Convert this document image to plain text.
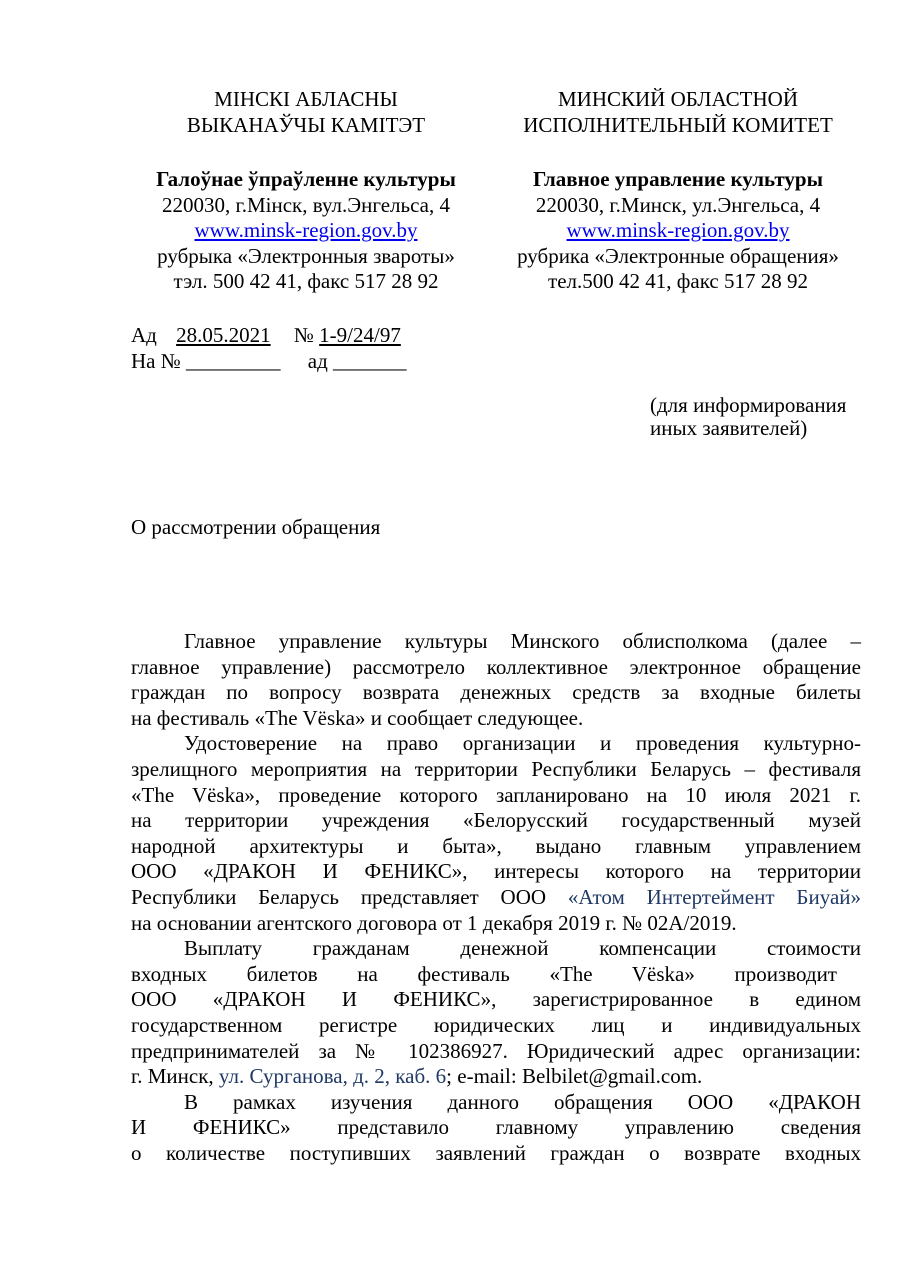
МІНСКІ АБЛАСНЫ
ВЫКАНАЎЧЫ КАМІТЭТ
Галоўнае ўпраўленне культуры
220030, г.Мінск, вул.Энгельса, 4
www.minsk-region.gov.by
рубрыка «Электронныя звароты»
тэл. 500 42 41, факс 517 28 92
МИНСКИЙ ОБЛАСТНОЙ
ИСПОЛНИТЕЛЬНЫЙ КОМИТЕТ
Главное управление культуры
220030, г.Минск, ул.Энгельса, 4
www.minsk-region.gov.by
рубрика «Электронные обращения»
тел.500 42 41, факс 517 28 92
Ад 28.05.2021 № 1-9/24/97
На № _________ ад _______
(для информирования
иных заявителей)
О рассмотрении обращения
Главное управление культуры Минского облисполкома (далее –
главное управление) рассмотрело коллективное электронное обращение
граждан по вопросу возврата денежных средств за входные билеты
на фестиваль «The Vëska» и сообщает следующее.
Удостоверение на право организации и проведения культурно-
зрелищного мероприятия на территории Республики Беларусь – фестиваля
«The Vëska», проведение которого запланировано на 10 июля 2021 г.
на территории учреждения «Белорусский государственный музей
народной архитектуры и быта», выдано главным управлением
ООО «ДРАКОН И ФЕНИКС», интересы которого на территории
Республики Беларусь представляет ООО «Атом Интертеймент Биуай»
на основании агентского договора от 1 декабря 2019 г. № 02А/2019.
Выплату гражданам денежной компенсации стоимости
входных билетов на фестиваль «The Vëska» производит
ООО «ДРАКОН И ФЕНИКС», зарегистрированное в едином
государственном регистре юридических лиц и индивидуальных
предпринимателей за № 102386927. Юридический адрес организации:
г. Минск, ул. Сурганова, д. 2, каб. 6; e-mail: Belbilet@gmail.com.
В рамках изучения данного обращения ООО «ДРАКОН
И ФЕНИКС» представило главному управлению сведения
о количестве поступивших заявлений граждан о возврате входных
